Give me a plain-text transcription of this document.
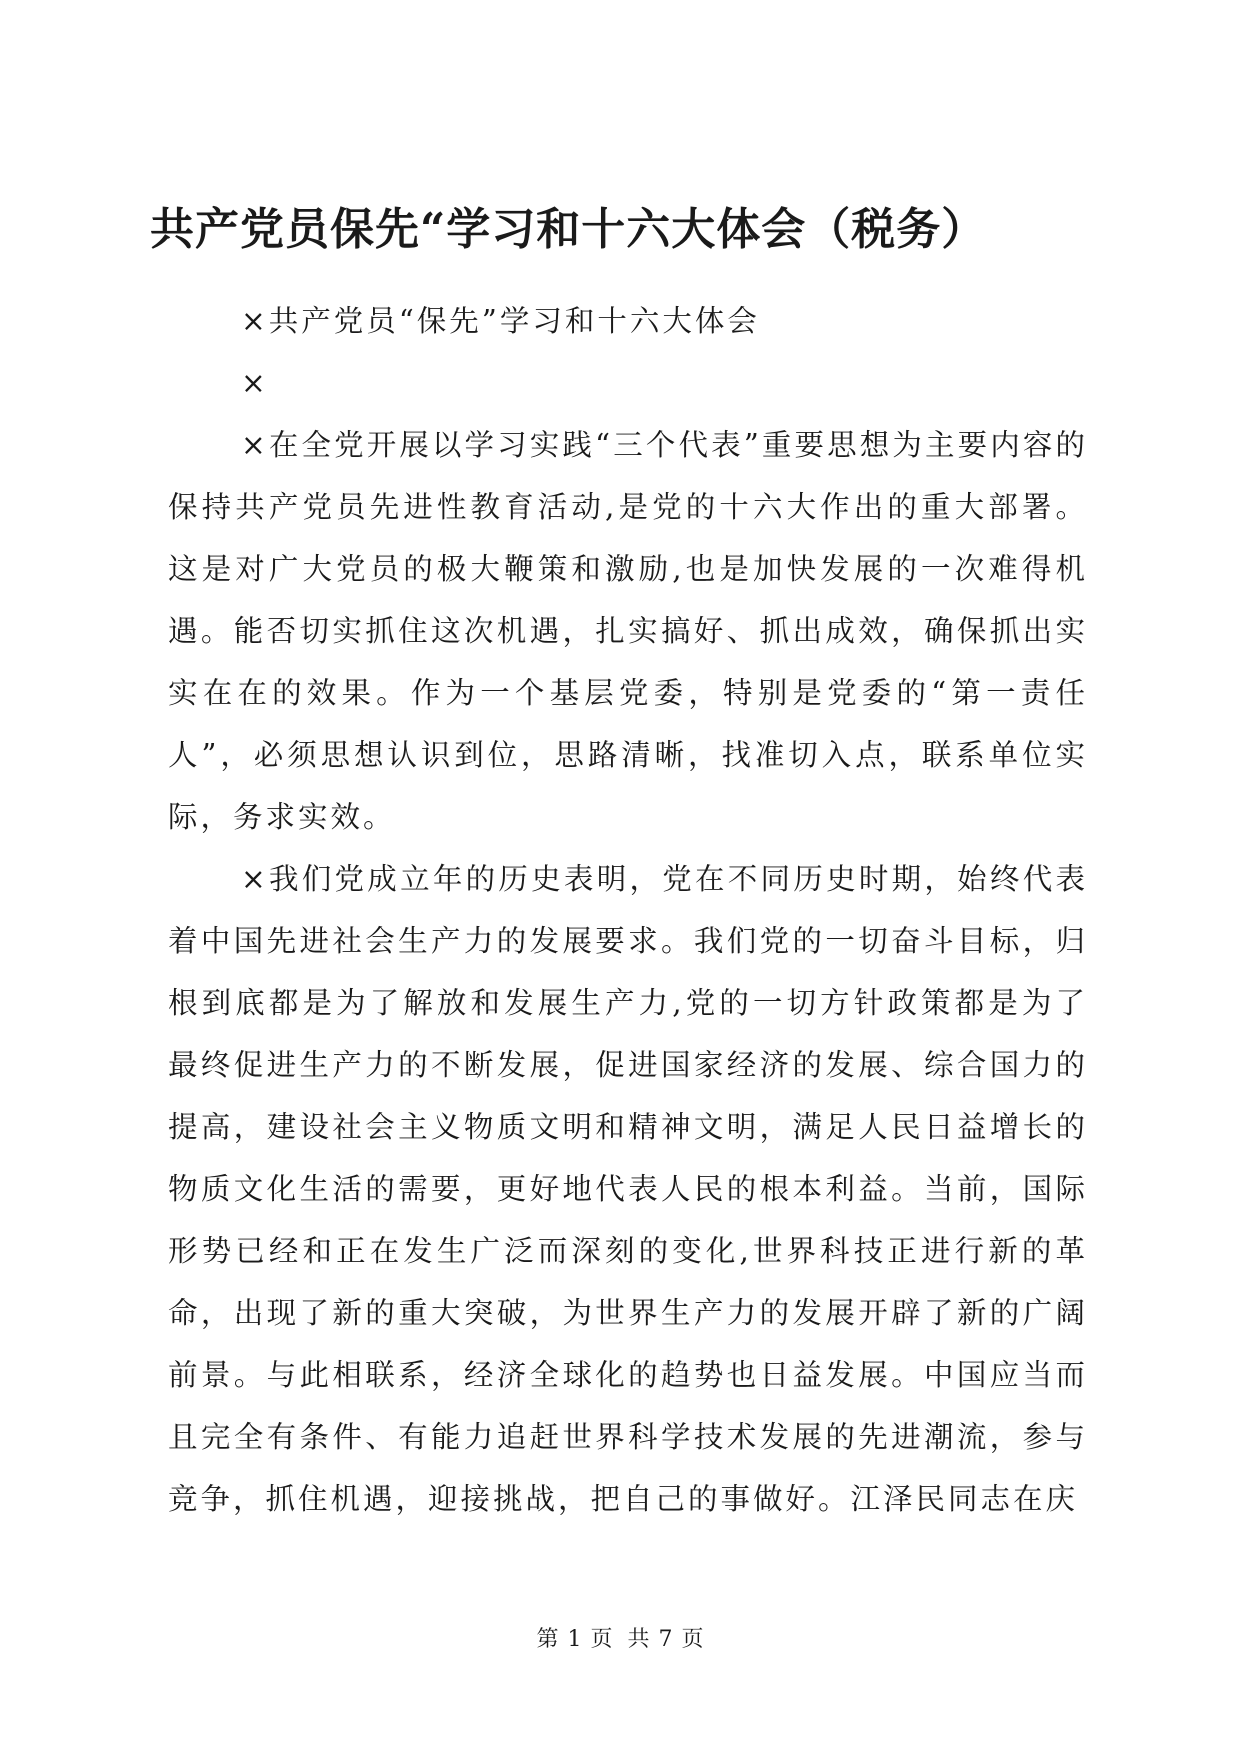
共产党员保先“学习和十六大体会（税务）

×共产党员“保先”学习和十六大体会

×

×在全党开展以学习实践“三个代表”重要思想为主要内容的保持共产党员先进性教育活动,是党的十六大作出的重大部署。这是对广大党员的极大鞭策和激励,也是加快发展的一次难得机遇。能否切实抓住这次机遇，扎实搞好、抓出成效，确保抓出实实在在的效果。作为一个基层党委，特别是党委的“第一责任人”，必须思想认识到位，思路清晰，找准切入点，联系单位实际，务求实效。

×我们党成立年的历史表明，党在不同历史时期，始终代表着中国先进社会生产力的发展要求。我们党的一切奋斗目标，归根到底都是为了解放和发展生产力,党的一切方针政策都是为了最终促进生产力的不断发展，促进国家经济的发展、综合国力的提高，建设社会主义物质文明和精神文明，满足人民日益增长的物质文化生活的需要，更好地代表人民的根本利益。当前，国际形势已经和正在发生广泛而深刻的变化,世界科技正进行新的革命，出现了新的重大突破，为世界生产力的发展开辟了新的广阔前景。与此相联系，经济全球化的趋势也日益发展。中国应当而且完全有条件、有能力追赶世界科学技术发展的先进潮流，参与竞争，抓住机遇，迎接挑战，把自己的事做好。江泽民同志在庆

第 1 页 共 7 页
